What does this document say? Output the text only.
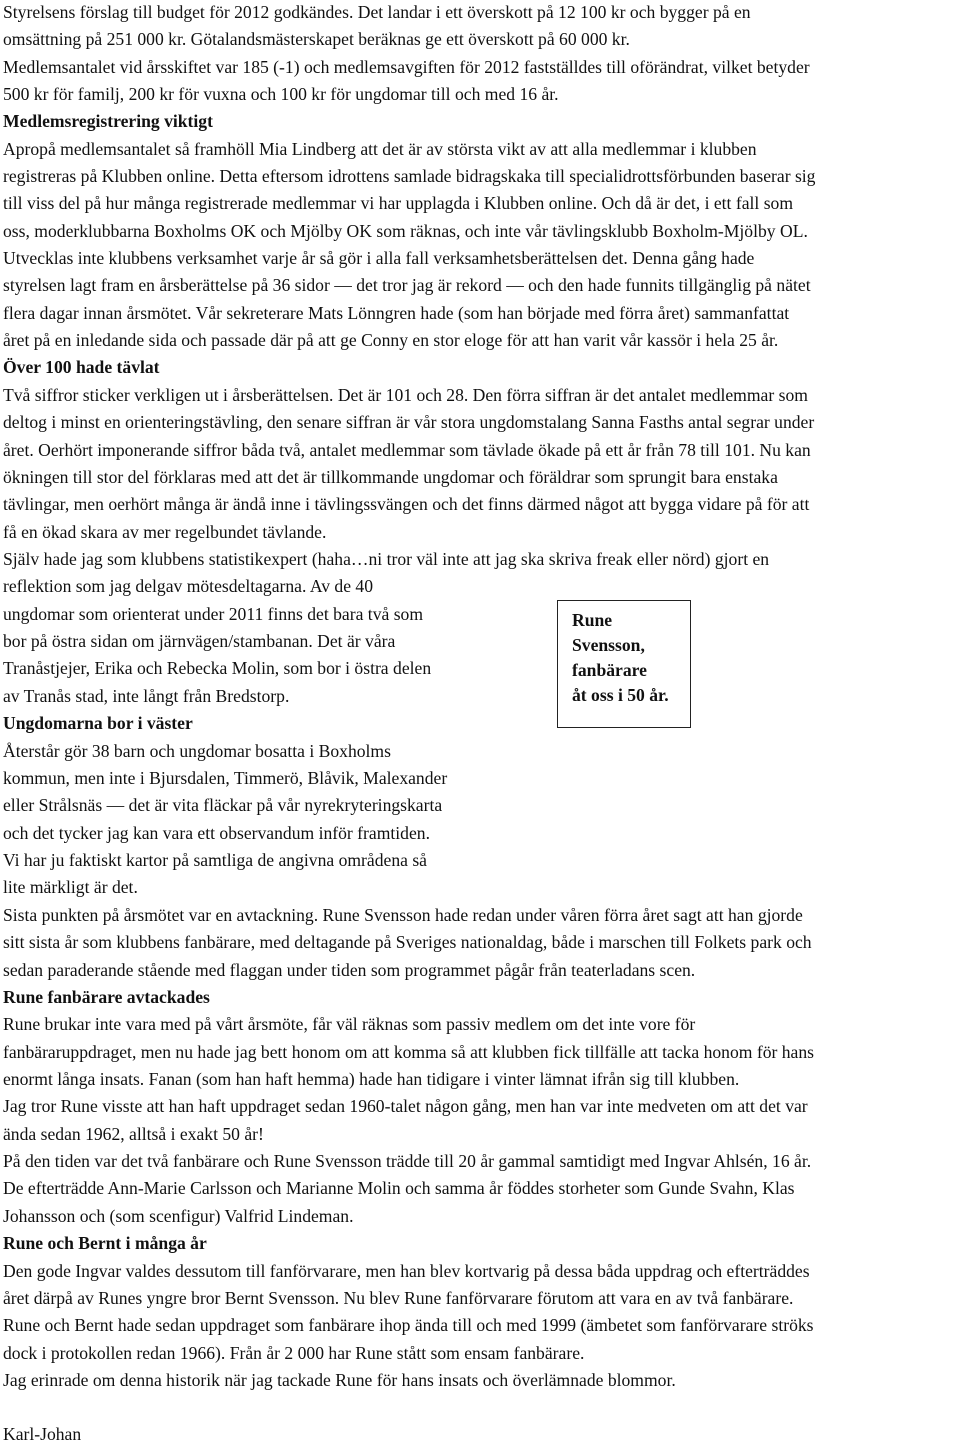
Styrelsens förslag till budget för 2012 godkändes. Det landar i ett överskott på 12 100 kr och bygger på en

omsättning på 251 000 kr. Götalandsmästerskapet beräknas ge ett överskott på 60 000 kr.

Medlemsantalet vid årsskiftet var 185 (-1) och medlemsavgiften för 2012 fastställdes till oförändrat, vilket betyder

500 kr för familj, 200 kr för vuxna och 100 kr för ungdomar till och med 16 år.

Medlemsregistrering viktigt

Apropå medlemsantalet så framhöll Mia Lindberg att det är av största vikt av att alla medlemmar i klubben

registreras på Klubben online. Detta eftersom idrottens samlade bidragskaka till specialidrottsförbunden baserar sig

till viss del på hur många registrerade medlemmar vi har upplagda i Klubben online. Och då är det, i ett fall som

oss, moderklubbarna Boxholms OK och Mjölby OK som räknas, och inte vår tävlingsklubb Boxholm-Mjölby OL.

Utvecklas inte klubbens verksamhet varje år så gör i alla fall verksamhetsberättelsen det. Denna gång hade

styrelsen lagt fram en årsberättelse på 36 sidor — det tror jag är rekord — och den hade funnits tillgänglig på nätet

flera dagar innan årsmötet. Vår sekreterare Mats Lönngren hade (som han började med förra året) sammanfattat

året på en inledande sida och passade där på att ge Conny en stor eloge för att han varit vår kassör i hela 25 år.

Över 100 hade tävlat

Två siffror sticker verkligen ut i årsberättelsen. Det är 101 och 28. Den förra siffran är det antalet medlemmar som

deltog i minst en orienteringstävling, den senare siffran är vår stora ungdomstalang Sanna Fasths antal segrar under

året. Oerhört imponerande siffror båda två, antalet medlemmar som tävlade ökade på ett år från 78 till 101. Nu kan

ökningen till stor del förklaras med att det är tillkommande ungdomar och föräldrar som sprungit bara enstaka

tävlingar, men oerhört många är ändå inne i tävlingssvängen och det finns därmed något att bygga vidare på för att

få en ökad skara av mer regelbundet tävlande.

Själv hade jag som klubbens statistikexpert (haha…ni tror väl inte att jag ska skriva freak eller nörd) gjort en

reflektion som jag delgav mötesdeltagarna. Av de 40

ungdomar som orienterat under 2011 finns det bara två som

bor på östra sidan om järnvägen/stambanan. Det är våra

Tranåstjejer, Erika och Rebecka Molin, som bor i östra delen

av Tranås stad, inte långt från Bredstorp.

Ungdomarna bor i väster

Återstår gör 38 barn och ungdomar bosatta i Boxholms

kommun, men inte i Bjursdalen, Timmerö, Blåvik, Malexander

eller Strålsnäs — det är vita fläckar på vår nyrekryteringskarta

och det tycker jag kan vara ett observandum inför framtiden.

Vi har ju faktiskt kartor på samtliga de angivna områdena så

lite märkligt är det.

Sista punkten på årsmötet var en avtackning. Rune Svensson hade redan under våren förra året sagt att han gjorde

sitt sista år som klubbens fanbärare, med deltagande på Sveriges nationaldag, både i marschen till Folkets park och

sedan paraderande stående med flaggan under tiden som programmet pågår från teaterladans scen.

Rune fanbärare avtackades

Rune brukar inte vara med på vårt årsmöte, får väl räknas som passiv medlem om det inte vore för

fanbäraruppdraget, men nu hade jag bett honom om att komma så att klubben fick tillfälle att tacka honom för hans

enormt långa insats. Fanan (som han haft hemma) hade han tidigare i vinter lämnat ifrån sig till klubben.

Jag tror Rune visste att han haft uppdraget sedan 1960-talet någon gång, men han var inte medveten om att det var

ända sedan 1962, alltså i exakt 50 år!

På den tiden var det två fanbärare och Rune Svensson trädde till 20 år gammal samtidigt med Ingvar Ahlsén, 16 år.

De efterträdde Ann-Marie Carlsson och Marianne Molin och samma år föddes storheter som Gunde Svahn, Klas

Johansson och (som scenfigur) Valfrid Lindeman.

Rune och Bernt i många år

Den gode Ingvar valdes dessutom till fanförvarare, men han blev kortvarig på dessa båda uppdrag och efterträddes

året därpå av Runes yngre bror Bernt Svensson. Nu blev Rune fanförvarare förutom att vara en av två fanbärare.

Rune och Bernt hade sedan uppdraget som fanbärare ihop ända till och med 1999 (ämbetet som fanförvarare ströks

dock i protokollen redan 1966). Från år 2 000 har Rune stått som ensam fanbärare.

Jag erinrade om denna historik när jag tackade Rune för hans insats och överlämnade blommor.

Karl-Johan

Rune
Svensson,
fanbärare
åt oss i 50 år.
